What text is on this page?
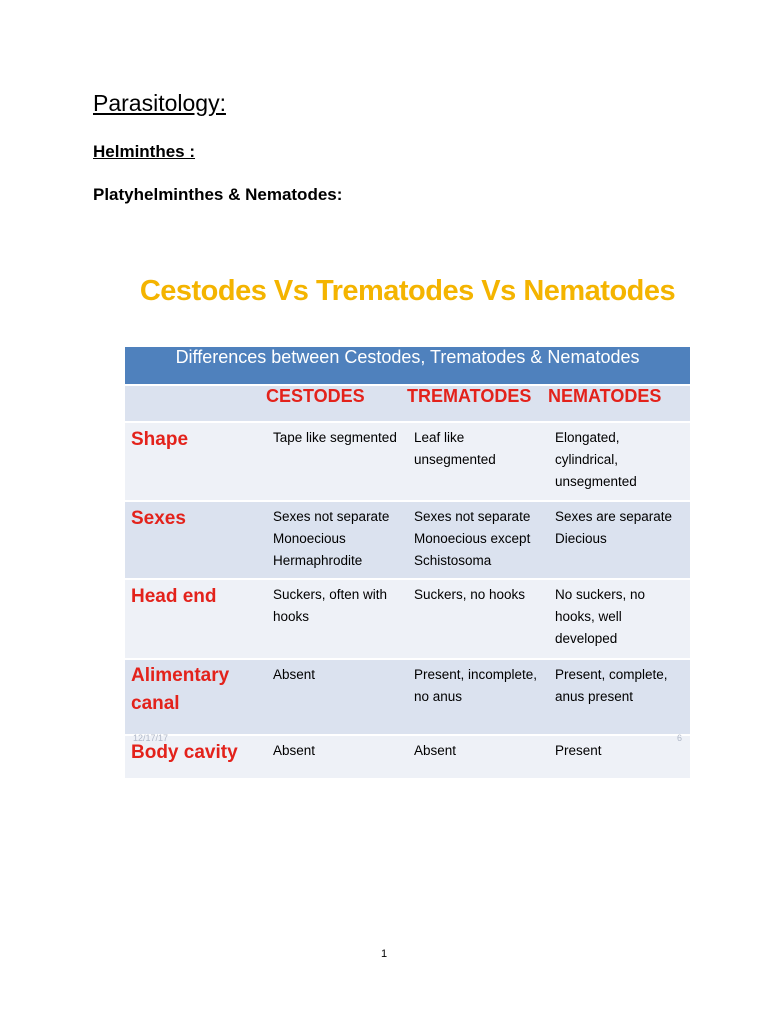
Parasitology:
Helminthes :
Platyhelminthes & Nematodes:
Cestodes Vs Trematodes Vs Nematodes
Differences between Cestodes, Trematodes & Nematodes			
	CESTODES	TREMATODES	NEMATODES
Shape	Tape like segmented	Leaf like unsegmented	Elongated, cylindrical, unsegmented
Sexes	Sexes not separate Monoecious Hermaphrodite	Sexes not separate Monoecious except Schistosoma	Sexes are separate Diecious
Head end	Suckers, often with hooks	Suckers, no hooks	No suckers, no hooks, well developed
Alimentary canal	Absent	Present, incomplete, no anus	Present, complete, anus present
Body cavity	Absent	Absent	Present
12/17/17	6
1
